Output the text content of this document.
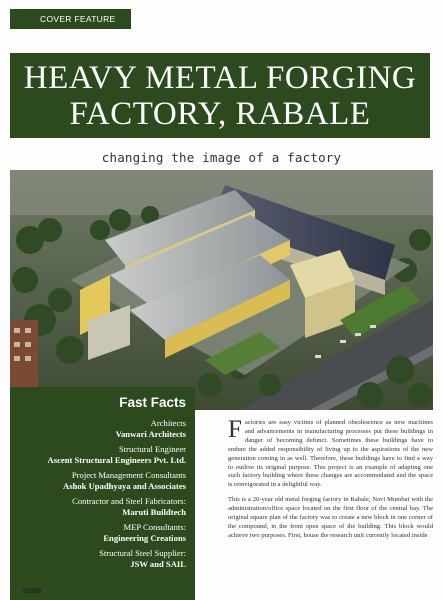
COVER FEATURE
HEAVY METAL FORGING
FACTORY, RABALE
changing the image of a factory
Fast Facts
Architects
Vanwari Architects
Structural Engineer
Ascent Structural Engineers Pvt. Ltd.
Project Management Consultants
Ashok Upadhyaya and Associates
Contractor and Steel Fabricators:
Maruti Buildtech
MEP Consultants:
Engineering Creations
Structural Steel Supplier:
JSW and SAIL

Factories are easy victims of planned obsolescence as new machines and advancements in manufacturing processes put these buildings in danger of becoming defunct. Sometimes these buildings have to endure the added responsibility of living up to the aspirations of the new generation coming in as well. Therefore, these buildings have to find a way to outlive its original purpose. This project is an example of adapting one such factory building where these changes are accommodated and the space is reinvigorated in a delightful way.

This is a 20-year old metal forging factory in Rabale, Navi Mumbai with the administration/office space located on the first floor of the central bay. The original square plan of the factory was to create a new block in one corner of the compound, in the front open space of the building. This block would achieve two purposes. First, house the research unit currently located inside

24 | SSMB MARCH 2016
